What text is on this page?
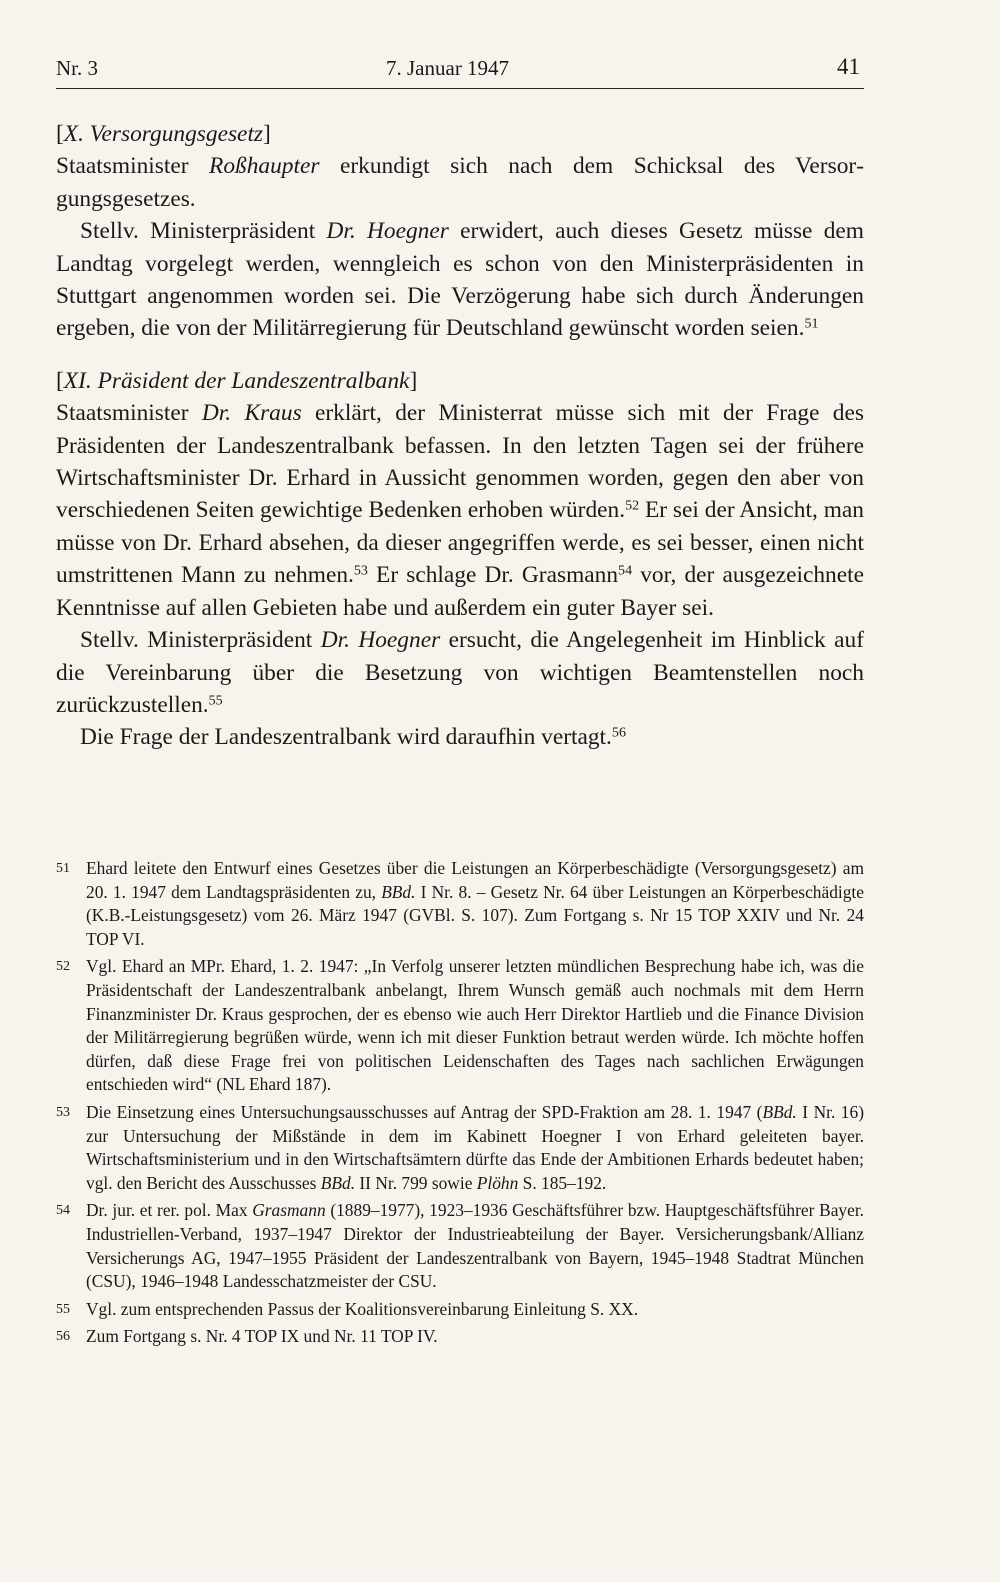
Nr. 3	7. Januar 1947	41
[X. Versorgungsgesetz]

Staatsminister Roßhaupter erkundigt sich nach dem Schicksal des Versorgungsgesetzes.

Stellv. Ministerpräsident Dr. Hoegner erwidert, auch dieses Gesetz müsse dem Landtag vorgelegt werden, wenngleich es schon von den Ministerpräsidenten in Stuttgart angenommen worden sei. Die Verzögerung habe sich durch Änderungen ergeben, die von der Militärregierung für Deutschland gewünscht worden seien.$^{51}$

[XI. Präsident der Landeszentralbank]

Staatsminister Dr. Kraus erklärt, der Ministerrat müsse sich mit der Frage des Präsidenten der Landeszentralbank befassen. In den letzten Tagen sei der frühere Wirtschaftsminister Dr. Erhard in Aussicht genommen worden, gegen den aber von verschiedenen Seiten gewichtige Bedenken erhoben würden.$^{52}$ Er sei der Ansicht, man müsse von Dr. Erhard absehen, da dieser angegriffen werde, es sei besser, einen nicht umstrittenen Mann zu nehmen.$^{53}$ Er schlage Dr. Grasmann$^{54}$ vor, der ausgezeichnete Kenntnisse auf allen Gebieten habe und außerdem ein guter Bayer sei.

Stellv. Ministerpräsident Dr. Hoegner ersucht, die Angelegenheit im Hinblick auf die Vereinbarung über die Besetzung von wichtigen Beamtenstellen noch zurückzustellen.$^{55}$

Die Frage der Landeszentralbank wird daraufhin vertagt.$^{56}$

51 Ehard leitete den Entwurf eines Gesetzes über die Leistungen an Körperbeschädigte (Versorgungsgesetz) am 20. 1. 1947 dem Landtagspräsidenten zu, BBd. I Nr. 8. – Gesetz Nr. 64 über Leistungen an Körperbeschädigte (K.B.-Leistungsgesetz) vom 26. März 1947 (GVBl. S. 107). Zum Fortgang s. Nr 15 TOP XXIV und Nr. 24 TOP VI.
52 Vgl. Ehard an MPr. Ehard, 1. 2. 1947: „In Verfolg unserer letzten mündlichen Besprechung habe ich, was die Präsidentschaft der Landeszentralbank anbelangt, Ihrem Wunsch gemäß auch nochmals mit dem Herrn Finanzminister Dr. Kraus gesprochen, der es ebenso wie auch Herr Direktor Hartlieb und die Finance Division der Militärregierung begrüßen würde, wenn ich mit dieser Funktion betraut werden würde. Ich möchte hoffen dürfen, daß diese Frage frei von politischen Leidenschaften des Tages nach sachlichen Erwägungen entschieden wird“ (NL Ehard 187).
53 Die Einsetzung eines Untersuchungsausschusses auf Antrag der SPD-Fraktion am 28. 1. 1947 (BBd. I Nr. 16) zur Untersuchung der Mißstände in dem im Kabinett Hoegner I von Erhard geleiteten bayer. Wirtschaftsministerium und in den Wirtschaftsämtern dürfte das Ende der Ambitionen Erhards bedeutet haben; vgl. den Bericht des Ausschusses BBd. II Nr. 799 sowie Plöhn S. 185–192.
54 Dr. jur. et rer. pol. Max Grasmann (1889–1977), 1923–1936 Geschäftsführer bzw. Hauptgeschäftsführer Bayer. Industriellen-Verband, 1937–1947 Direktor der Industrieabteilung der Bayer. Versicherungsbank/Allianz Versicherungs AG, 1947–1955 Präsident der Landeszentralbank von Bayern, 1945–1948 Stadtrat München (CSU), 1946–1948 Landesschatzmeister der CSU.
55 Vgl. zum entsprechenden Passus der Koalitionsvereinbarung Einleitung S. XX.
56 Zum Fortgang s. Nr. 4 TOP IX und Nr. 11 TOP IV.
